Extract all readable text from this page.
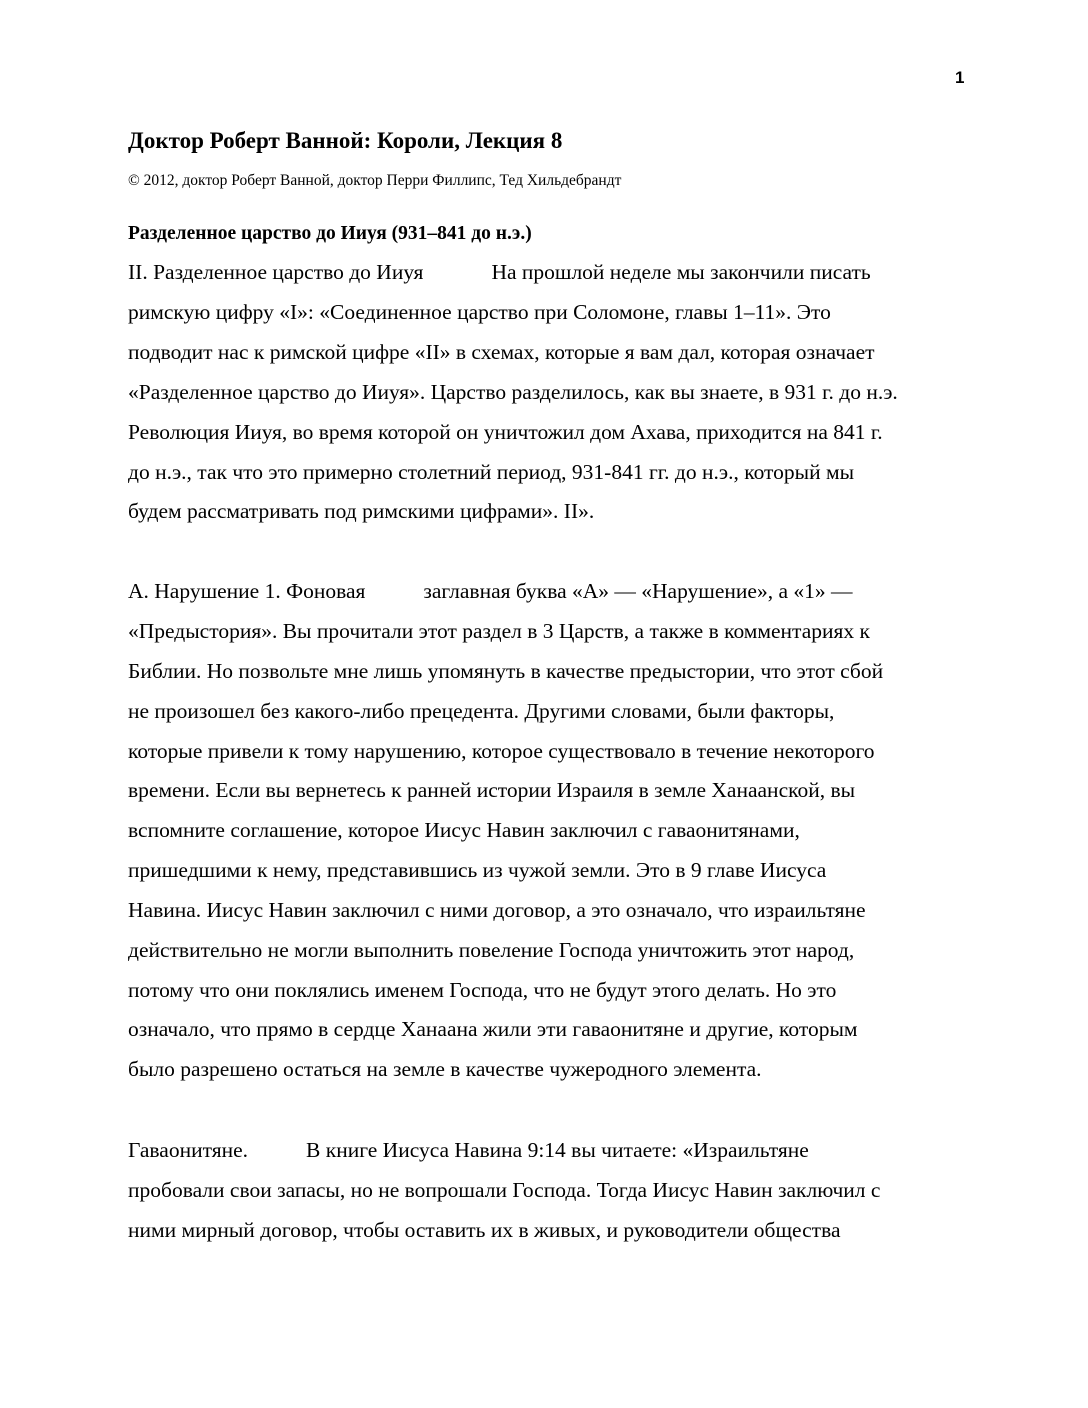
1
Доктор Роберт Ванной: Короли, Лекция 8
© 2012, доктор Роберт Ванной, доктор Перри Филлипс, Тед Хильдебрандт
Разделенное царство до Ииуя (931–841 до н.э.)
II. Разделенное царство до Ииуя	На прошлой неделе мы закончили писать
римскую цифру «I»: «Соединенное царство при Соломоне, главы 1–11». Это
подводит нас к римской цифре «II» в схемах, которые я вам дал, которая означает
«Разделенное царство до Ииуя». Царство разделилось, как вы знаете, в 931 г. до н.э.
Революция Ииуя, во время которой он уничтожил дом Ахава, приходится на 841 г.
до н.э., так что это примерно столетний период, 931-841 гг. до н.э., который мы
будем рассматривать под римскими цифрами». II».
A. Нарушение 1. Фоновая	заглавная буква «А» — «Нарушение», а «1» —
«Предыстория». Вы прочитали этот раздел в 3 Царств, а также в комментариях к
Библии. Но позвольте мне лишь упомянуть в качестве предыстории, что этот сбой
не произошел без какого-либо прецедента. Другими словами, были факторы,
которые привели к тому нарушению, которое существовало в течение некоторого
времени. Если вы вернетесь к ранней истории Израиля в земле Ханаанской, вы
вспомните соглашение, которое Иисус Навин заключил с гаваонитянами,
пришедшими к нему, представившись из чужой земли. Это в 9 главе Иисуса
Навина. Иисус Навин заключил с ними договор, а это означало, что израильтяне
действительно не могли выполнить повеление Господа уничтожить этот народ,
потому что они поклялись именем Господа, что не будут этого делать. Но это
означало, что прямо в сердце Ханаана жили эти гаваонитяне и другие, которым
было разрешено остаться на земле в качестве чужеродного элемента.
Гаваонитяне.	В книге Иисуса Навина 9:14 вы читаете: «Израильтяне
пробовали свои запасы, но не вопрошали Господа. Тогда Иисус Навин заключил с
ними мирный договор, чтобы оставить их в живых, и руководители общества
